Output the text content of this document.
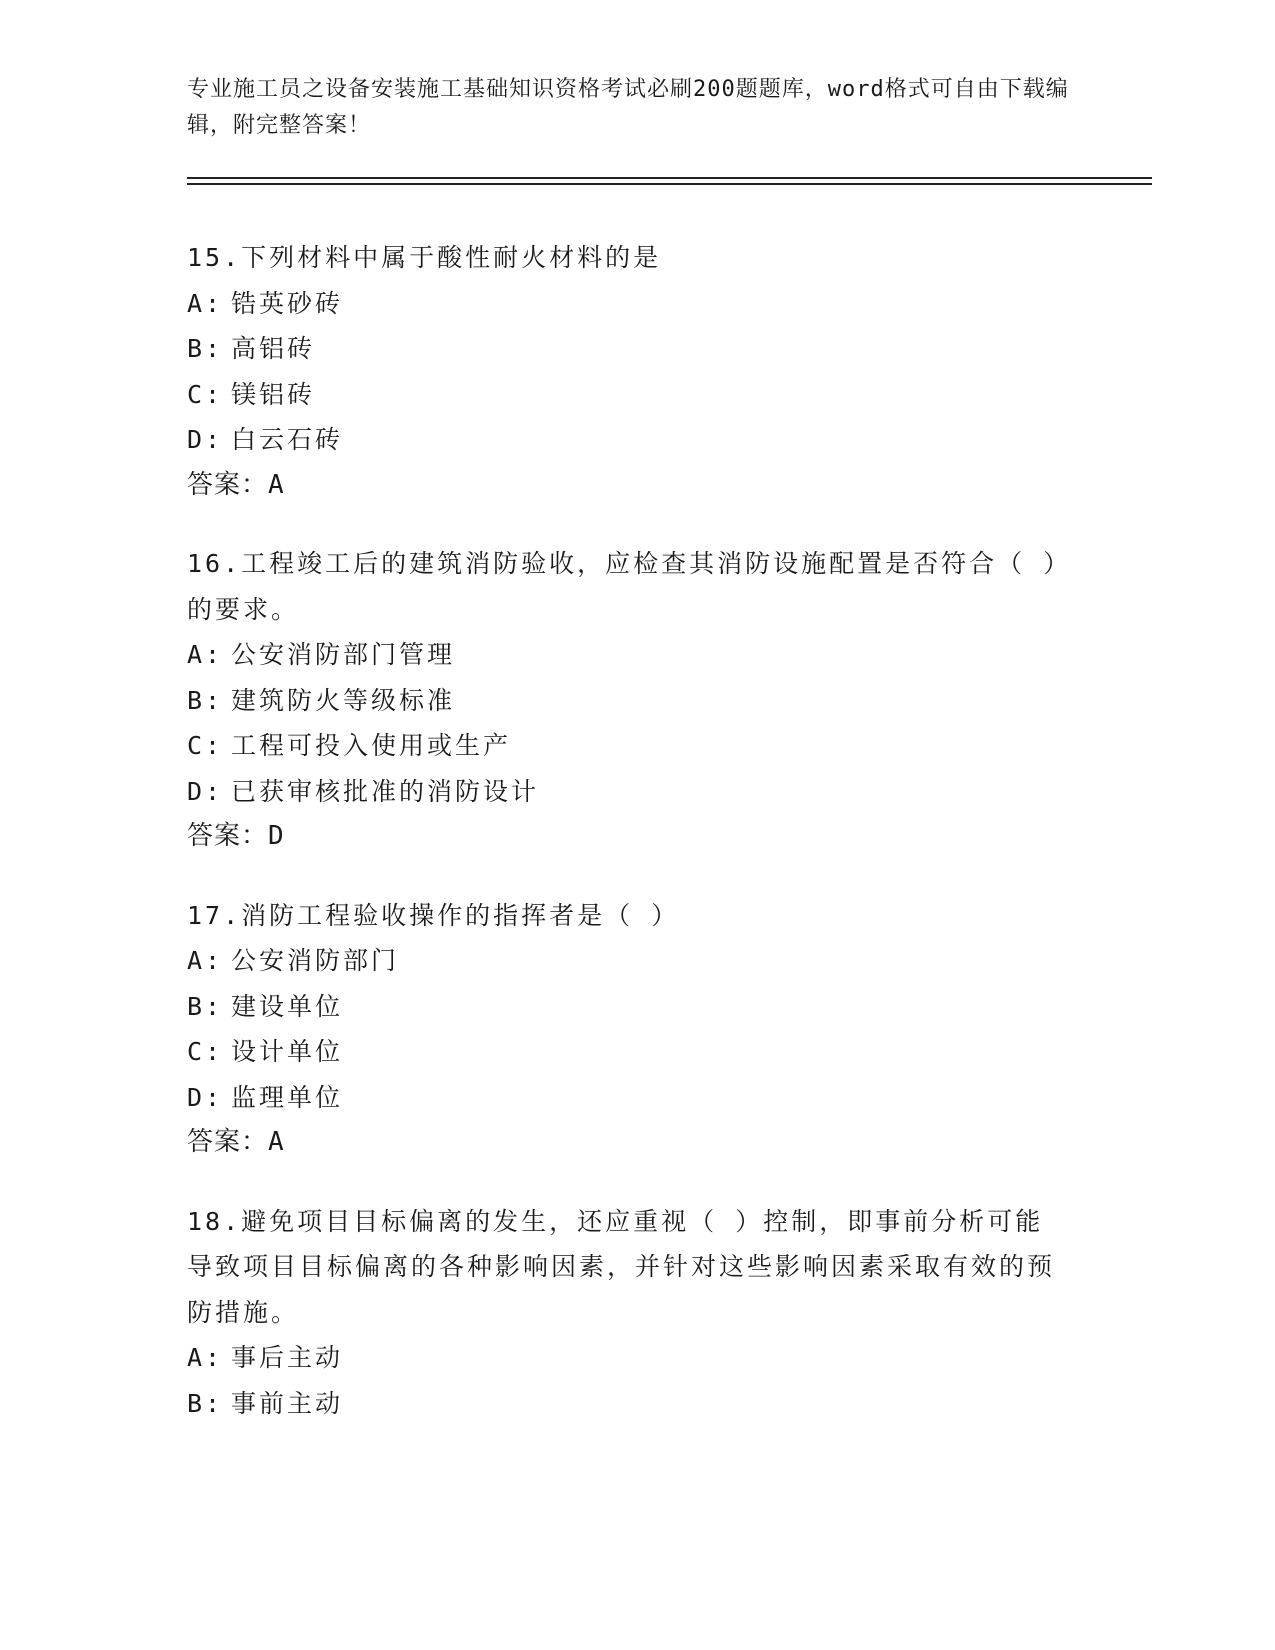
专业施工员之设备安装施工基础知识资格考试必刷200题题库，word格式可自由下载编辑，附完整答案！
15.下列材料中属于酸性耐火材料的是
A: 锆英砂砖
B: 高铝砖
C: 镁铝砖
D: 白云石砖
答案：A
16.工程竣工后的建筑消防验收，应检查其消防设施配置是否符合（ ）的要求。
A: 公安消防部门管理
B: 建筑防火等级标准
C: 工程可投入使用或生产
D: 已获审核批准的消防设计
答案：D
17.消防工程验收操作的指挥者是（ ）
A: 公安消防部门
B: 建设单位
C: 设计单位
D: 监理单位
答案：A
18.避免项目目标偏离的发生，还应重视（ ）控制，即事前分析可能导致项目目标偏离的各种影响因素，并针对这些影响因素采取有效的预防措施。
A: 事后主动
B: 事前主动
